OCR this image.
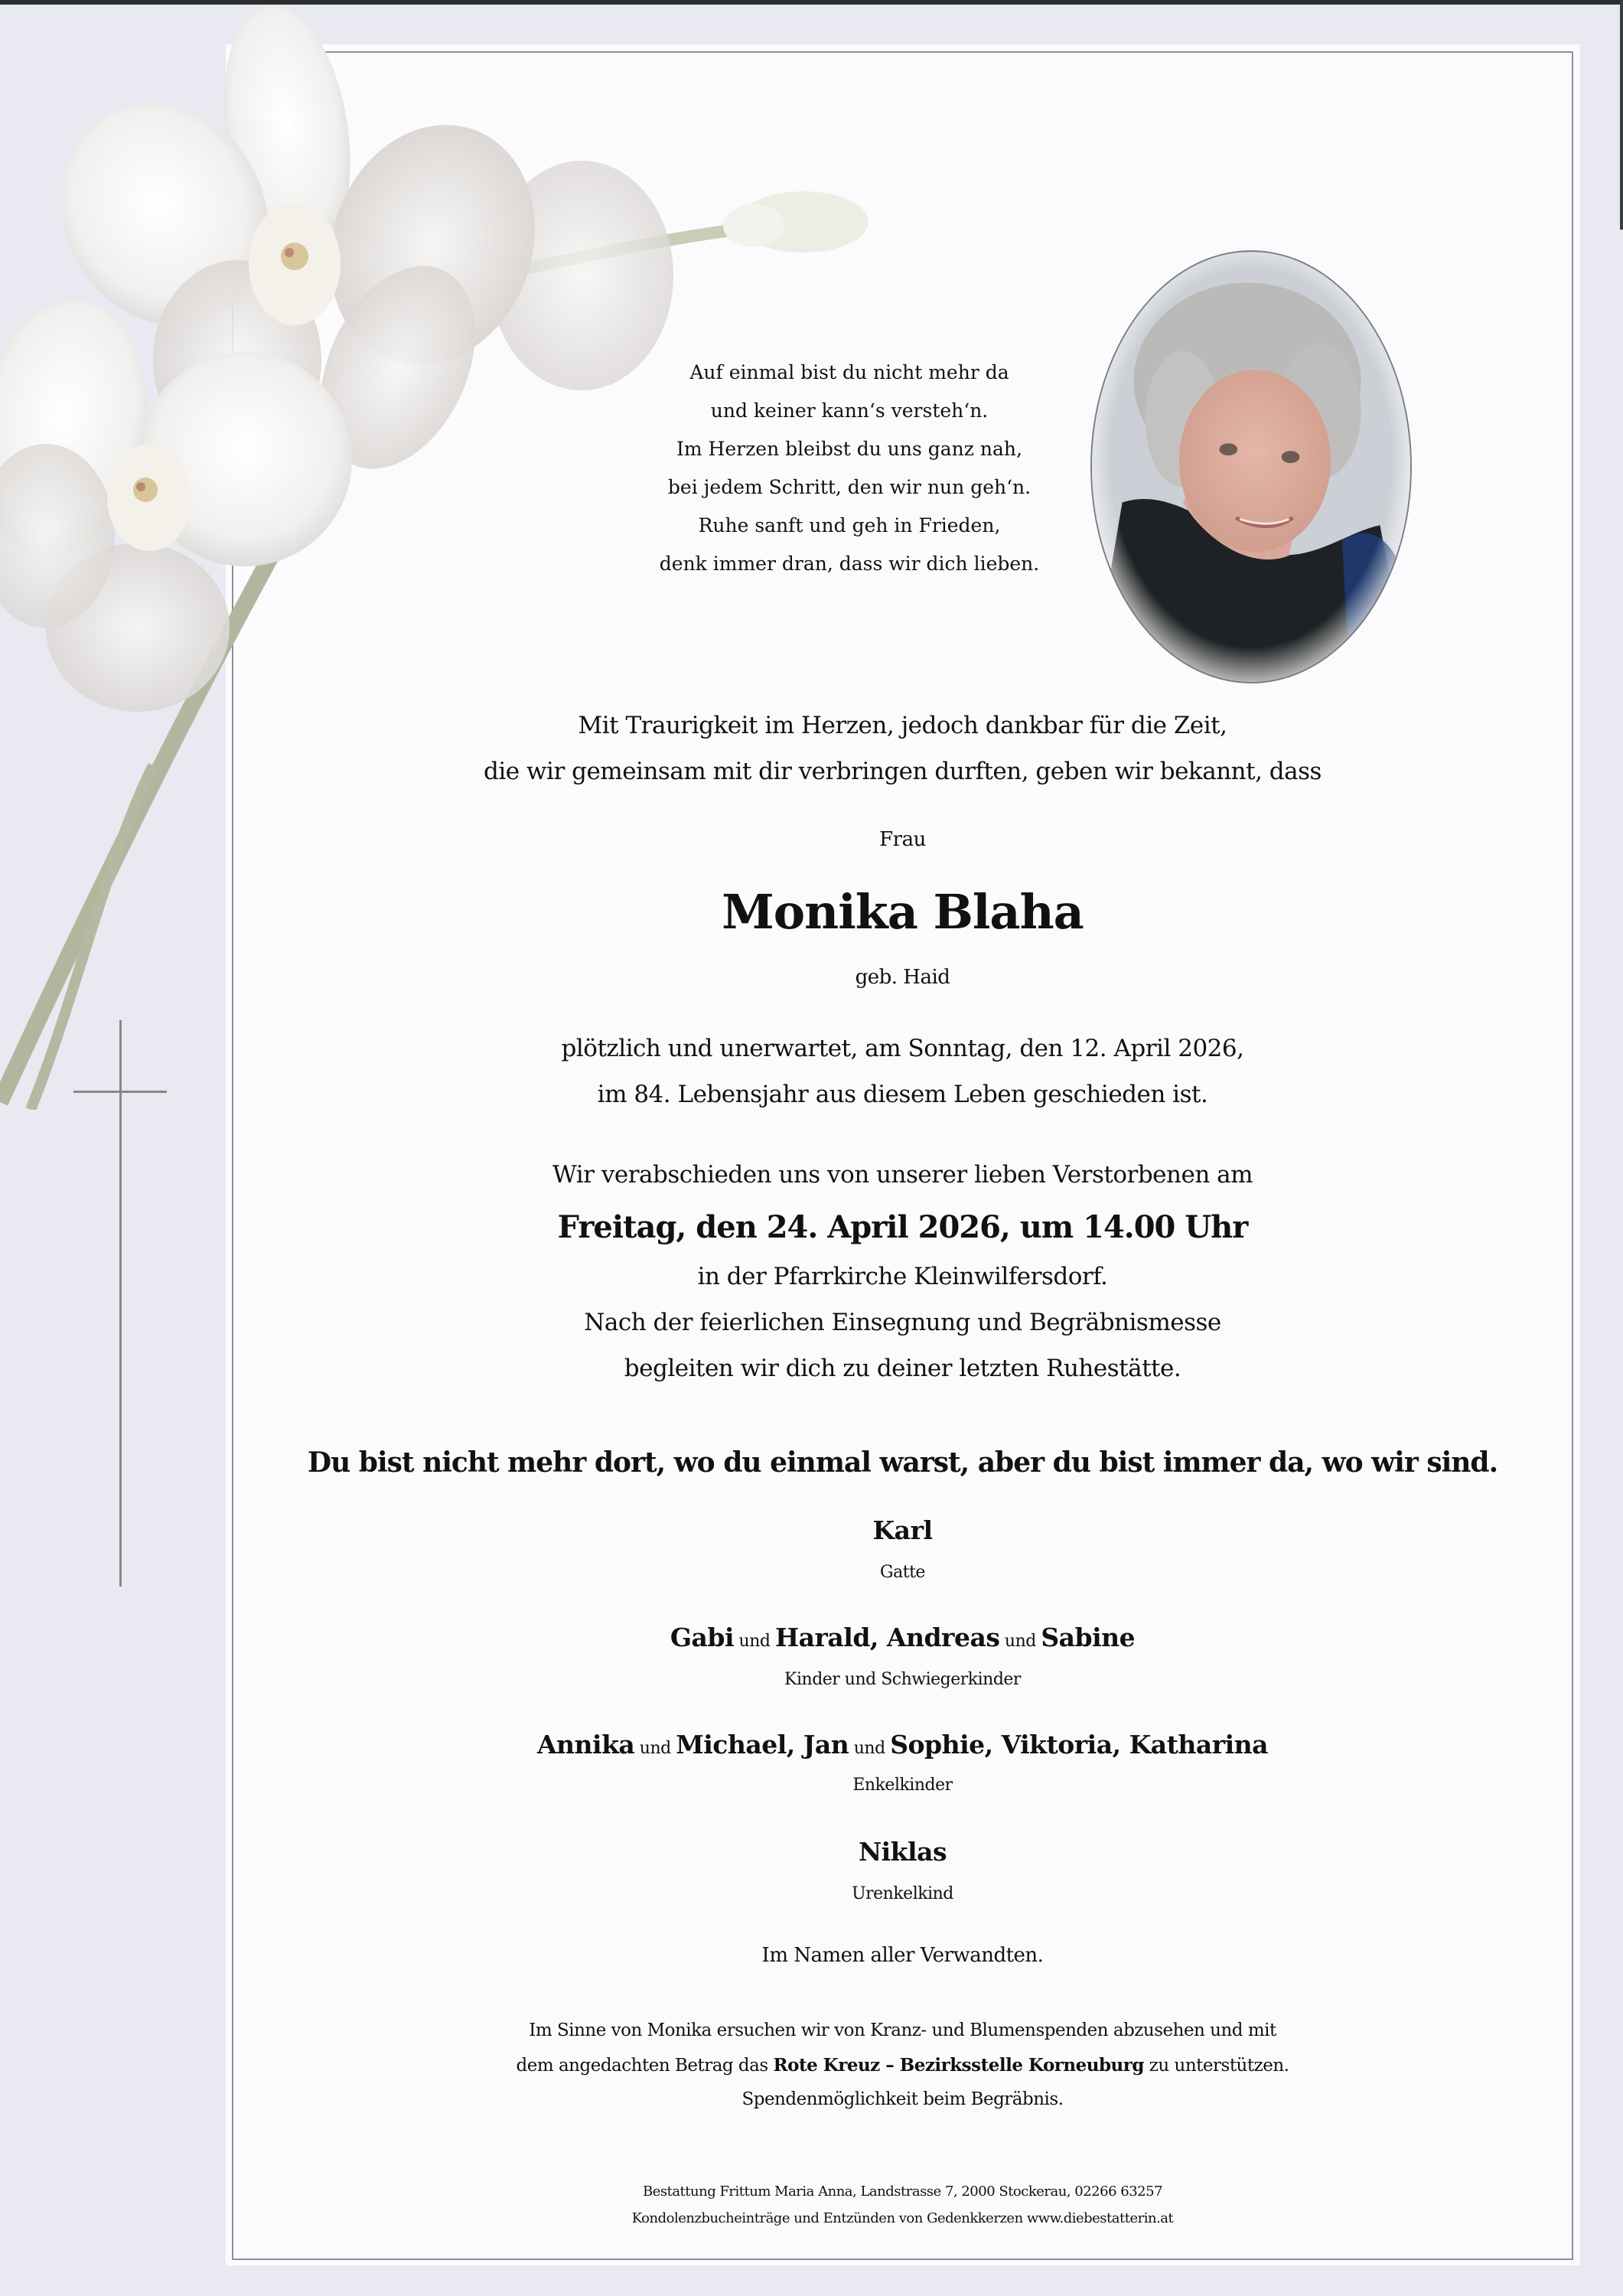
Auf einmal bist du nicht mehr da
und keiner kann‘s versteh‘n.
Im Herzen bleibst du uns ganz nah,
bei jedem Schritt, den wir nun geh‘n.
Ruhe sanft und geh in Frieden,
denk immer dran, dass wir dich lieben.
Mit Traurigkeit im Herzen, jedoch dankbar für die Zeit,
die wir gemeinsam mit dir verbringen durften, geben wir bekannt, dass
Frau
Monika Blaha
geb. Haid
plötzlich und unerwartet, am Sonntag, den 12. April 2026,
im 84. Lebensjahr aus diesem Leben geschieden ist.
Wir verabschieden uns von unserer lieben Verstorbenen am
Freitag, den 24. April 2026, um 14.00 Uhr
in der Pfarrkirche Kleinwilfersdorf.
Nach der feierlichen Einsegnung und Begräbnismesse
begleiten wir dich zu deiner letzten Ruhestätte.
Du bist nicht mehr dort, wo du einmal warst, aber du bist immer da, wo wir sind.
Karl
Gatte
Gabi und Harald, Andreas und Sabine
Kinder und Schwiegerkinder
Annika und Michael, Jan und Sophie, Viktoria, Katharina
Enkelkinder
Niklas
Urenkelkind
Im Namen aller Verwandten.
Im Sinne von Monika ersuchen wir von Kranz- und Blumenspenden abzusehen und mit
dem angedachten Betrag das Rote Kreuz – Bezirksstelle Korneuburg zu unterstützen.
Spendenmöglichkeit beim Begräbnis.
Bestattung Frittum Maria Anna, Landstrasse 7, 2000 Stockerau, 02266 63257
Kondolenzbucheinträge und Entzünden von Gedenkkerzen www.diebestatterin.at
